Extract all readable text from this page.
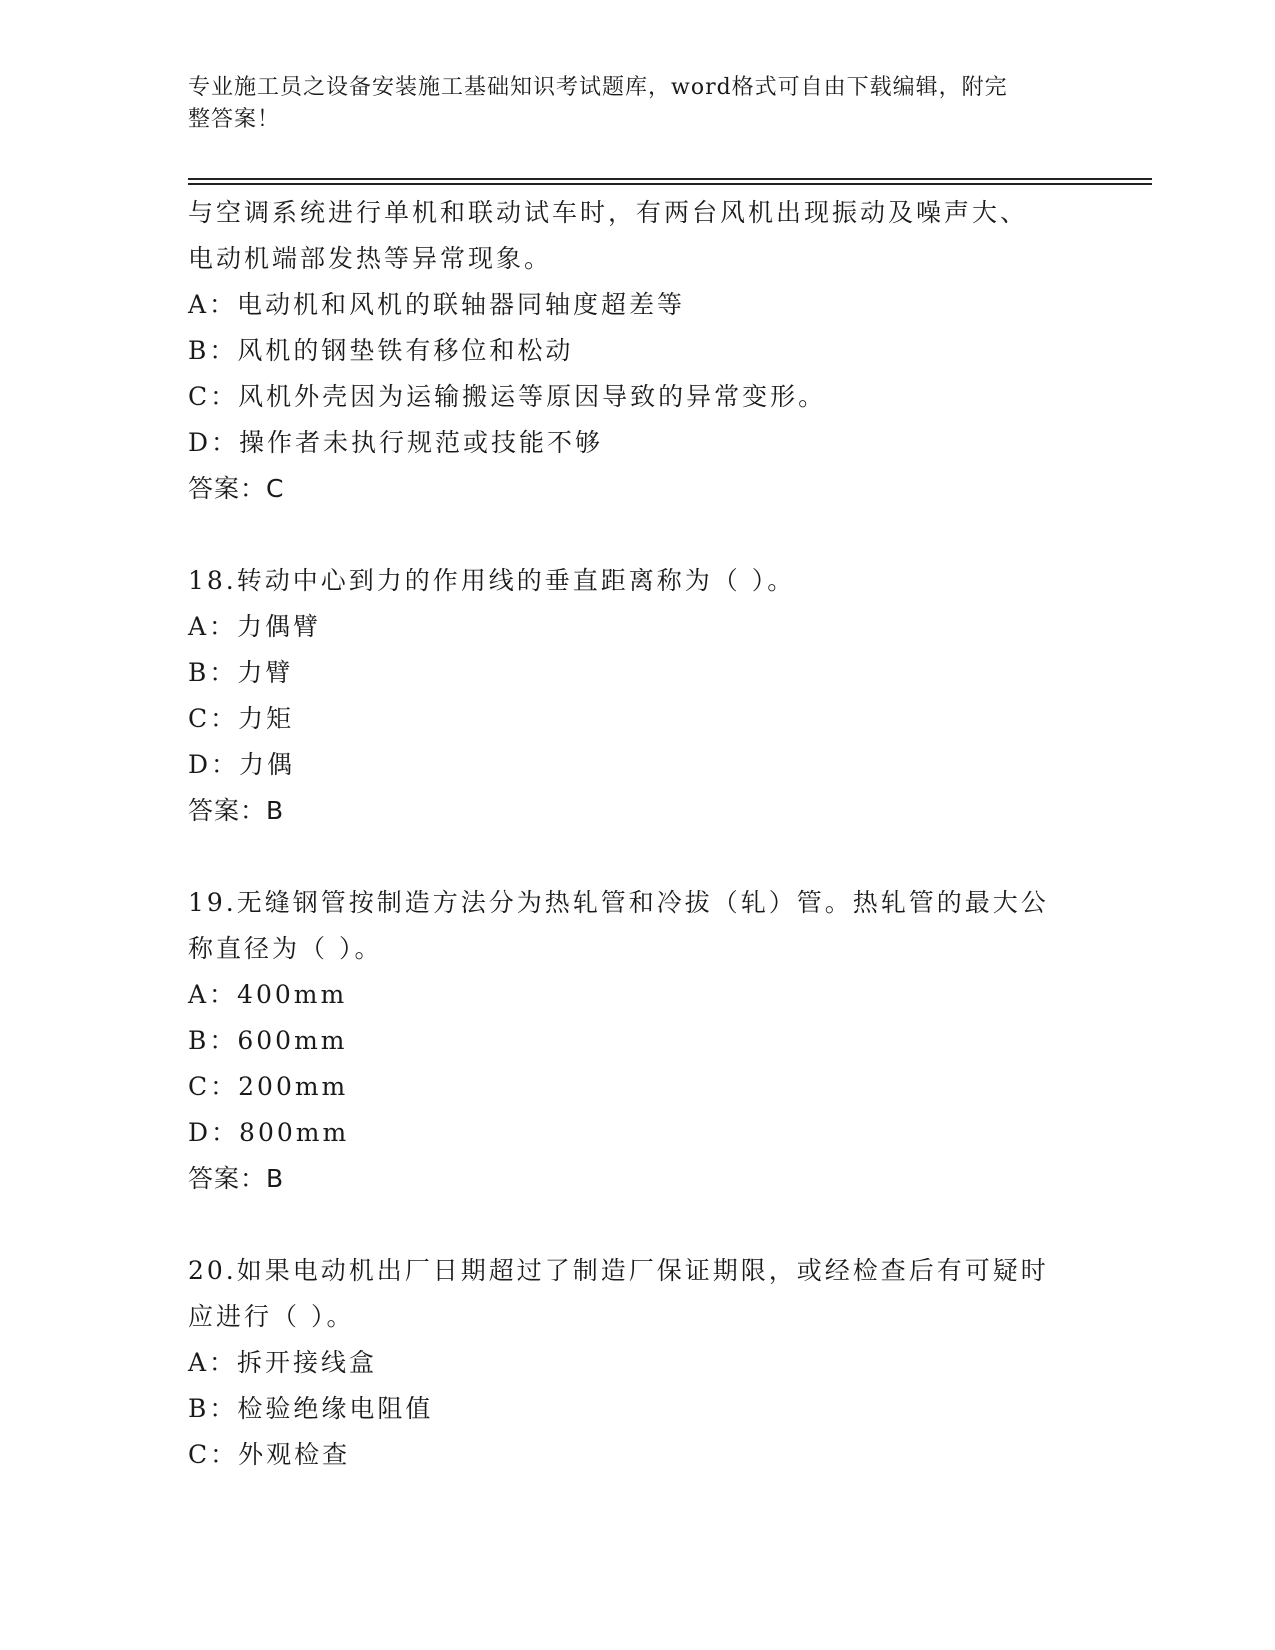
专业施工员之设备安装施工基础知识考试题库，word格式可自由下载编辑，附完
整答案！
与空调系统进行单机和联动试车时，有两台风机出现振动及噪声大、
电动机端部发热等异常现象。
A：电动机和风机的联轴器同轴度超差等
B：风机的钢垫铁有移位和松动
C：风机外壳因为运输搬运等原因导致的异常变形。
D：操作者未执行规范或技能不够
答案：C
18.转动中心到力的作用线的垂直距离称为（ ）。
A：力偶臂
B：力臂
C：力矩
D：力偶
答案：B
19.无缝钢管按制造方法分为热轧管和冷拔（轧）管。热轧管的最大公
称直径为（ ）。
A：400mm
B：600mm
C：200mm
D：800mm
答案：B
20.如果电动机出厂日期超过了制造厂保证期限，或经检查后有可疑时
应进行（ ）。
A：拆开接线盒
B：检验绝缘电阻值
C：外观检查
